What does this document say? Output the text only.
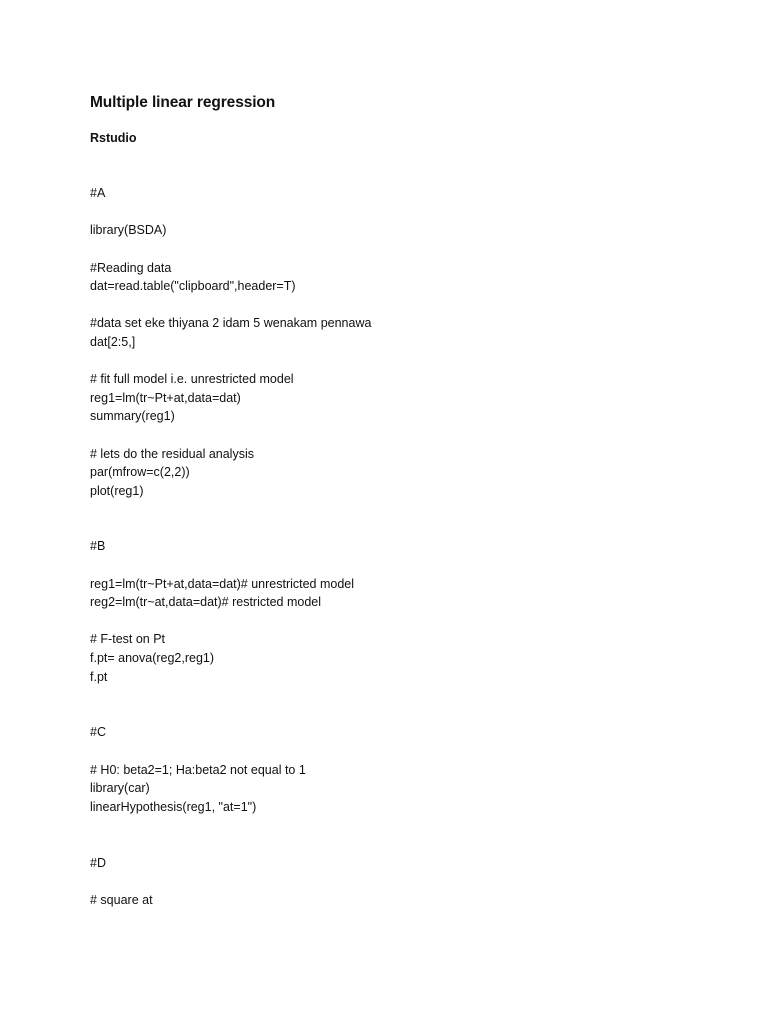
Multiple linear regression

Rstudio

#A

library(BSDA)

#Reading data

dat=read.table("clipboard",header=T)

#data set eke thiyana 2 idam 5 wenakam pennawa

dat[2:5,]

# fit full model i.e. unrestricted model

reg1=lm(tr~Pt+at,data=dat)

summary(reg1)

# lets do the residual analysis

par(mfrow=c(2,2))

plot(reg1)

#B

reg1=lm(tr~Pt+at,data=dat)# unrestricted model

reg2=lm(tr~at,data=dat)# restricted model

# F-test on Pt

f.pt= anova(reg2,reg1)

f.pt

#C

# H0: beta2=1; Ha:beta2 not equal to 1

library(car)

linearHypothesis(reg1, "at=1")

#D

# square at
